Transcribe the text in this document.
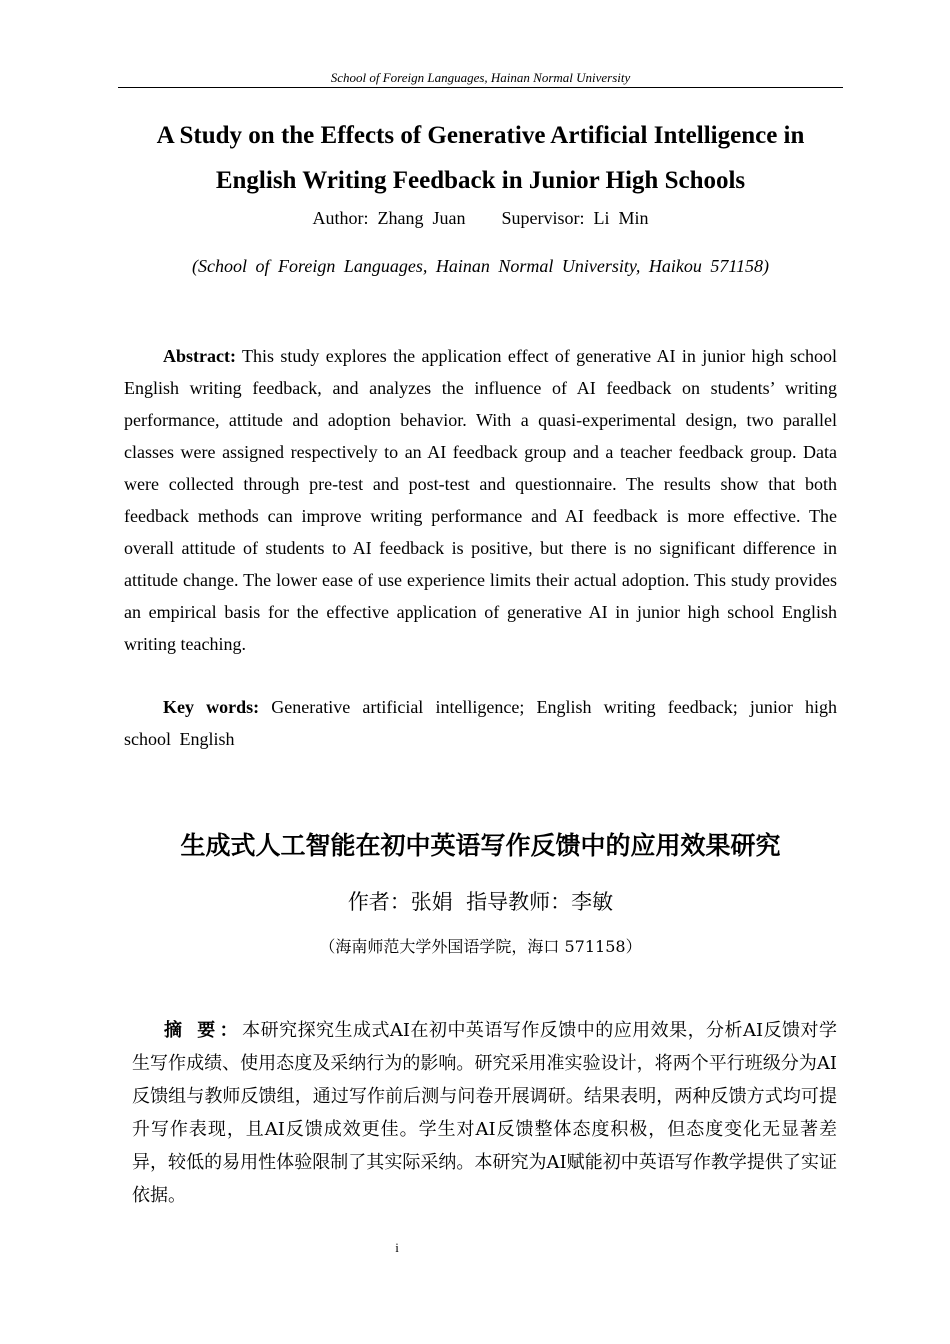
School of Foreign Languages, Hainan Normal University
A Study on the Effects of Generative Artificial Intelligence in
English Writing Feedback in Junior High Schools
Author:  Zhang  Juan        Supervisor:  Li  Min
(School of Foreign Languages, Hainan Normal University, Haikou 571158)

Abstract: This study explores the application effect of generative AI in junior high school English writing feedback, and analyzes the influence of AI feedback on students’ writing performance, attitude and adoption behavior. With a quasi-experimental design, two parallel classes were assigned respectively to an AI feedback group and a teacher feedback group. Data were collected through pre-test and post-test and questionnaire. The results show that both feedback methods can improve writing performance and AI feedback is more effective. The overall attitude of students to AI feedback is positive, but there is no significant difference in attitude change. The lower ease of use experience limits their actual adoption. This study provides an empirical basis for the effective application of generative AI in junior high school English writing teaching.

Key words: Generative artificial intelligence; English writing feedback; junior high school English

生成式人工智能在初中英语写作反馈中的应用效果研究
作者：张娟  指导教师：李敏
（海南师范大学外国语学院，海口 571158）

摘 要：本研究探究生成式AI在初中英语写作反馈中的应用效果，分析AI反馈对学生写作成绩、使用态度及采纳行为的影响。研究采用准实验设计，将两个平行班级分为AI反馈组与教师反馈组，通过写作前后测与问卷开展调研。结果表明，两种反馈方式均可提升写作表现，且AI反馈成效更佳。学生对AI反馈整体态度积极，但态度变化无显著差异，较低的易用性体验限制了其实际采纳。本研究为AI赋能初中英语写作教学提供了实证依据。

i
